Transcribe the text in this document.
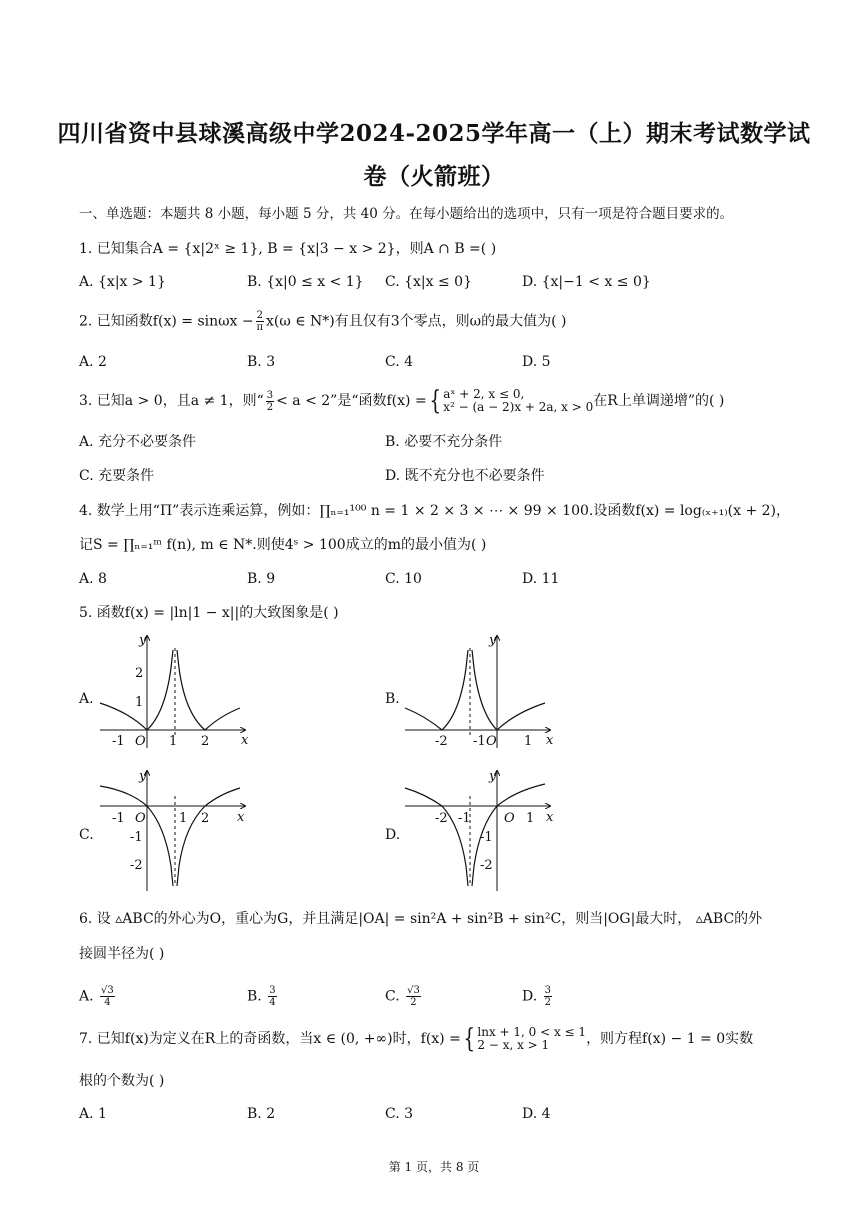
四川省资中县球溪高级中学2024-2025学年高一（上）期末考试数学试
卷（火箭班）
一、单选题：本题共 8 小题，每小题 5 分，共 40 分。在每小题给出的选项中，只有一项是符合题目要求的。
1. 已知集合A = {x|2ˣ ≥ 1}, B = {x|3 − x > 2}，则A ∩ B =( )
A. {x|x > 1}	B. {x|0 ≤ x < 1} C. {x|x ≤ 0}	D. {x|−1 < x ≤ 0}
2. 已知函数$f(x) = \sin\omega x - \frac{2}{\pi} x(\omega$ ∈ N*)有且仅有3个零点，则ω的最大值为( )
A. 2	B. 3	C. 4	D. 5
3. 已知a > 0，且a ≠ 1，则“ $\frac{3}{2} < a < 2$”是“函数f(x) ={ aˣ + 2, x ≤ 0,
x² − (a − 2)x + 2a, x > 0 在R上单调递增”的( )
A. 充分不必要条件	B. 必要不充分条件
C. 充要条件	D. 既不充分也不必要条件
4. 数学上用“Π”表示连乘运算，例如：∏ₙ₌₁¹⁰⁰ n = 1 × 2 × 3 × ⋯ × 99 × 100.设函数f(x) = log₍ₓ₊₁₎(x + 2)，
记S = ∏ₙ₌₁ᵐ f(n), m ∈ N*.则使4ˢ > 100成立的m的最小值为( )
A. 8	B. 9	C. 10	D. 11
5. 函数f(x) = |ln|1 − x||的大致图象是( )
A.	B.
C.	D.
y
x
O
-1	1 2
1
2
y
x
-2 -1 O 1
y
x
-1 O	1 2
-1
-2
y
x
-2 -1	O 1
-1
-2
6. 设 ▵ABC的外心为O，重心为G，并且满足|OA| = sin²A + sin²B + sin²C，则当|OG|最大时， ▵ABC的外
接圆半径为( )
A. $\frac{√3}{4}$	B. $\frac{3}{4}$	C. $\frac{√3}{2}$	D. $\frac{3}{2}$
7. 已知f(x)为定义在R上的奇函数，当x ∈ (0, +∞)时，f(x) ={ lnx + 1, 0 < x ≤ 1
2 − x, x > 1	，则方程f(x) − 1 = 0实数
根的个数为( )
A. 1	B. 2	C. 3	D. 4
第 1 页，共 8 页
